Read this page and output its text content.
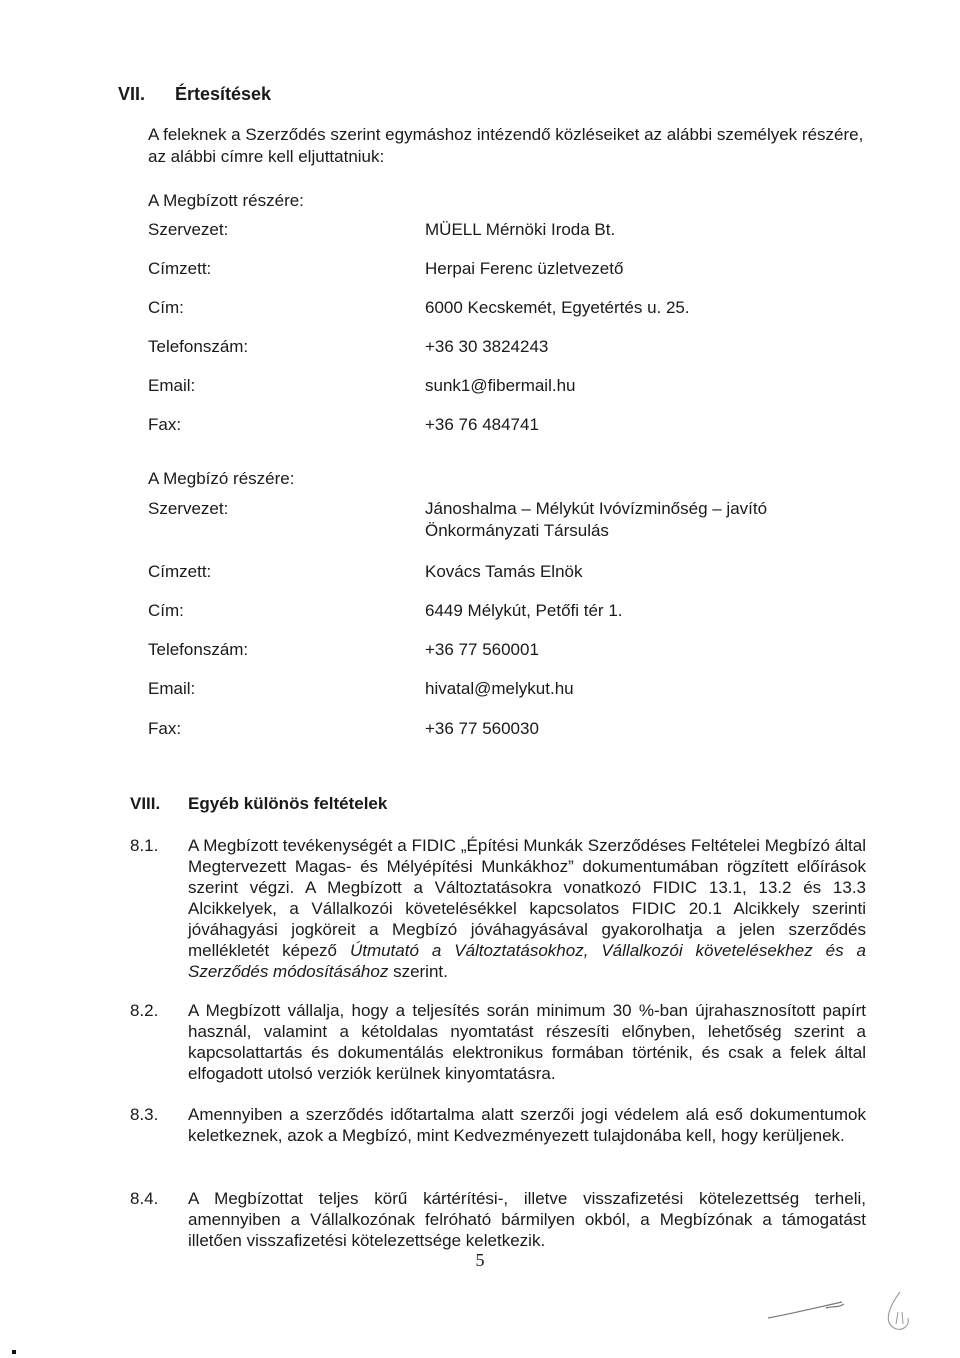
VII. Értesítések
A feleknek a Szerződés szerint egymáshoz intézendő közléseiket az alábbi személyek részére, az alábbi címre kell eljuttatniuk:
A Megbízott részére:
Szervezet:	MÜELL Mérnöki Iroda Bt.
Címzett:	Herpai Ferenc üzletvezető
Cím:	6000 Kecskemét, Egyetértés u. 25.
Telefonszám:	+36 30 3824243
Email:	sunk1@fibermail.hu
Fax:	+36 76 484741
A Megbízó részére:
Szervezet:	Jánoshalma – Mélykút Ivóvízminőség – javító Önkormányzati Társulás
Címzett:	Kovács Tamás Elnök
Cím:	6449 Mélykút, Petőfi tér 1.
Telefonszám:	+36 77 560001
Email:	hivatal@melykut.hu
Fax:	+36 77 560030
VIII. Egyéb különös feltételek
8.1. A Megbízott tevékenységét a FIDIC „Építési Munkák Szerződéses Feltételei Megbízó által Megtervezett Magas- és Mélyépítési Munkákhoz” dokumentumában rögzített előírások szerint végzi. A Megbízott a Változtatásokra vonatkozó FIDIC 13.1, 13.2 és 13.3 Alcikkelyek, a Vállalkozói követelésékkel kapcsolatos FIDIC 20.1 Alcikkely szerinti jóváhagyási jogköreit a Megbízó jóváhagyásával gyakorolhatja a jelen szerződés mellékletét képező Útmutató a Változtatásokhoz, Vállalkozói követelésekhez és a Szerződés módosításához szerint.
8.2. A Megbízott vállalja, hogy a teljesítés során minimum 30 %-ban újrahasznosított papírt használ, valamint a kétoldalas nyomtatást részesíti előnyben, lehetőség szerint a kapcsolattartás és dokumentálás elektronikus formában történik, és csak a felek által elfogadott utolsó verziók kerülnek kinyomtatásra.
8.3. Amennyiben a szerződés időtartalma alatt szerzői jogi védelem alá eső dokumentumok keletkeznek, azok a Megbízó, mint Kedvezményezett tulajdonába kell, hogy kerüljenek.
8.4. A Megbízottat teljes körű kártérítési-, illetve visszafizetési kötelezettség terheli, amennyiben a Vállalkozónak felróható bármilyen okból, a Megbízónak a támogatást illetően visszafizetési kötelezettsége keletkezik.
5
